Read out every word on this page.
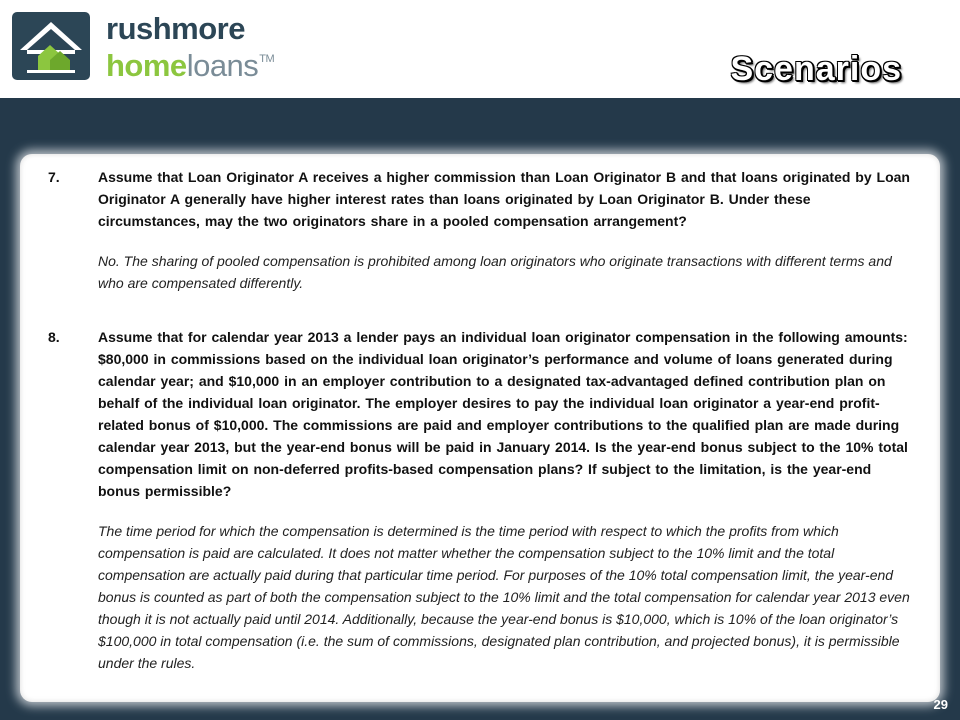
rushmore
homeloans™	Scenarios
7.	Assume that Loan Originator A receives a higher commission than Loan Originator B and that loans originated by Loan Originator A generally have higher interest rates than loans originated by Loan Originator B. Under these circumstances, may the two originators share in a pooled compensation arrangement?
No. The sharing of pooled compensation is prohibited among loan originators who originate transactions with different terms and who are compensated differently.
8.	Assume that for calendar year 2013 a lender pays an individual loan originator compensation in the following amounts: $80,000 in commissions based on the individual loan originator’s performance and volume of loans generated during calendar year; and $10,000 in an employer contribution to a designated tax-advantaged defined contribution plan on behalf of the individual loan originator. The employer desires to pay the individual loan originator a year-end profit-related bonus of $10,000. The commissions are paid and employer contributions to the qualified plan are made during calendar year 2013, but the year-end bonus will be paid in January 2014. Is the year-end bonus subject to the 10% total compensation limit on non-deferred profits-based compensation plans? If subject to the limitation, is the year-end bonus permissible?
The time period for which the compensation is determined is the time period with respect to which the profits from which compensation is paid are calculated. It does not matter whether the compensation subject to the 10% limit and the total compensation are actually paid during that particular time period. For purposes of the 10% total compensation limit, the year-end bonus is counted as part of both the compensation subject to the 10% limit and the total compensation for calendar year 2013 even though it is not actually paid until 2014. Additionally, because the year-end bonus is $10,000, which is 10% of the loan originator’s $100,000 in total compensation (i.e. the sum of commissions, designated plan contribution, and projected bonus), it is permissible under the rules.
29
